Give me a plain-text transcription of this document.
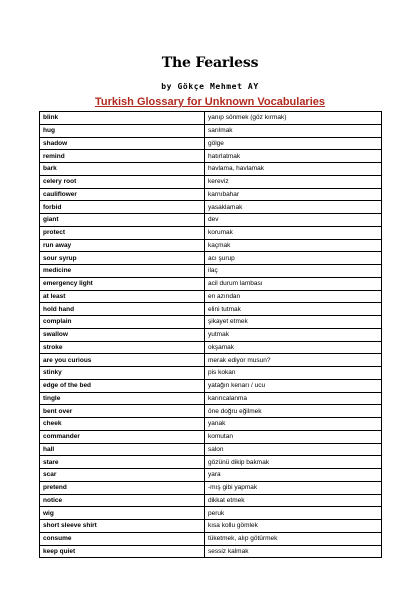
The Fearless
by Gökçe Mehmet AY
Turkish Glossary for Unknown Vocabularies
blink	yanıp sönmek (göz kırmak)
hug	sarılmak
shadow	gölge
remind	hatırlatmak
bark	havlama, havlamak
celery root	kereviz
cauliflower	karnıbahar
forbid	yasaklamak
giant	dev
protect	korumak
run away	kaçmak
sour syrup	acı şurup
medicine	ilaç
emergency light	acil durum lambası
at least	en azından
hold hand	elini tutmak
complain	şikayet etmek
swallow	yutmak
stroke	okşamak
are you curious	merak ediyor musun?
stinky	pis kokan
edge of the bed	yatağın kenarı / ucu
tingle	karıncalanma
bent over	öne doğru eğilmek
cheek	yanak
commander	komutan
hall	salon
stare	gözünü dikip bakmak
scar	yara
pretend	-mış gibi yapmak
notice	dikkat etmek
wig	peruk
short sleeve shirt	kısa kollu gömlek
consume	tüketmek, alıp götürmek
keep quiet	sessiz kalmak
